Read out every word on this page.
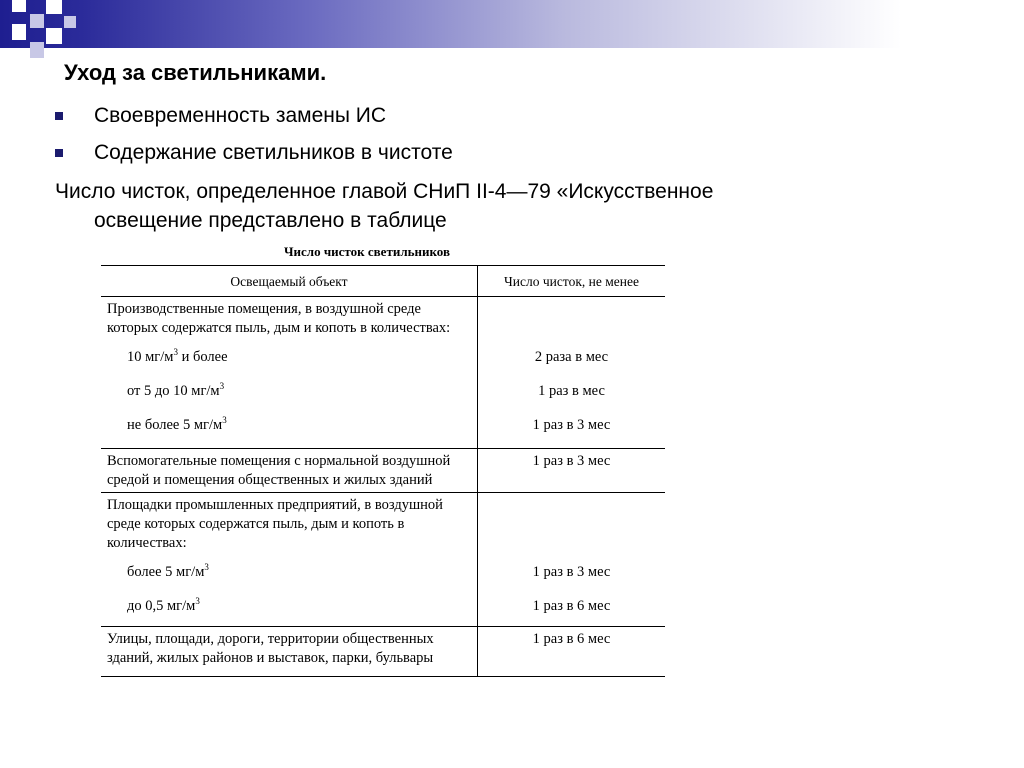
Уход за светильниками.
Своевременность замены ИС
Содержание светильников в чистоте
Число чисток, определенное главой СНиП II-4—79 «Искусственное
освещение представлено в таблице
Число чисток светильников
Освещаемый объект	Число чисток, не менее

Производственные помещения, в воздушной среде которых содержатся пыль, дым и копоть в количествах:	

10 $мг/м^3$ и более	2 раза в мес

от 5 до 10 $мг/м^3$	1 раз в мес

не более 5 $мг/м^3$	1 раз в 3 мес

Вспомогательные помещения с нормальной воздушной средой и помещения общественных и жилых зданий	1 раз в 3 мес

Площадки промышленных предприятий, в воздушной среде которых содержатся пыль, дым и копоть в количествах:	

более 5 $мг/м^3$	1 раз в 3 мес

до 0,5 $мг/м^3$	1 раз в 6 мес

Улицы, площади, дороги, территории общественных зданий, жилых районов и выставок, парки, бульвары	1 раз в 6 мес
